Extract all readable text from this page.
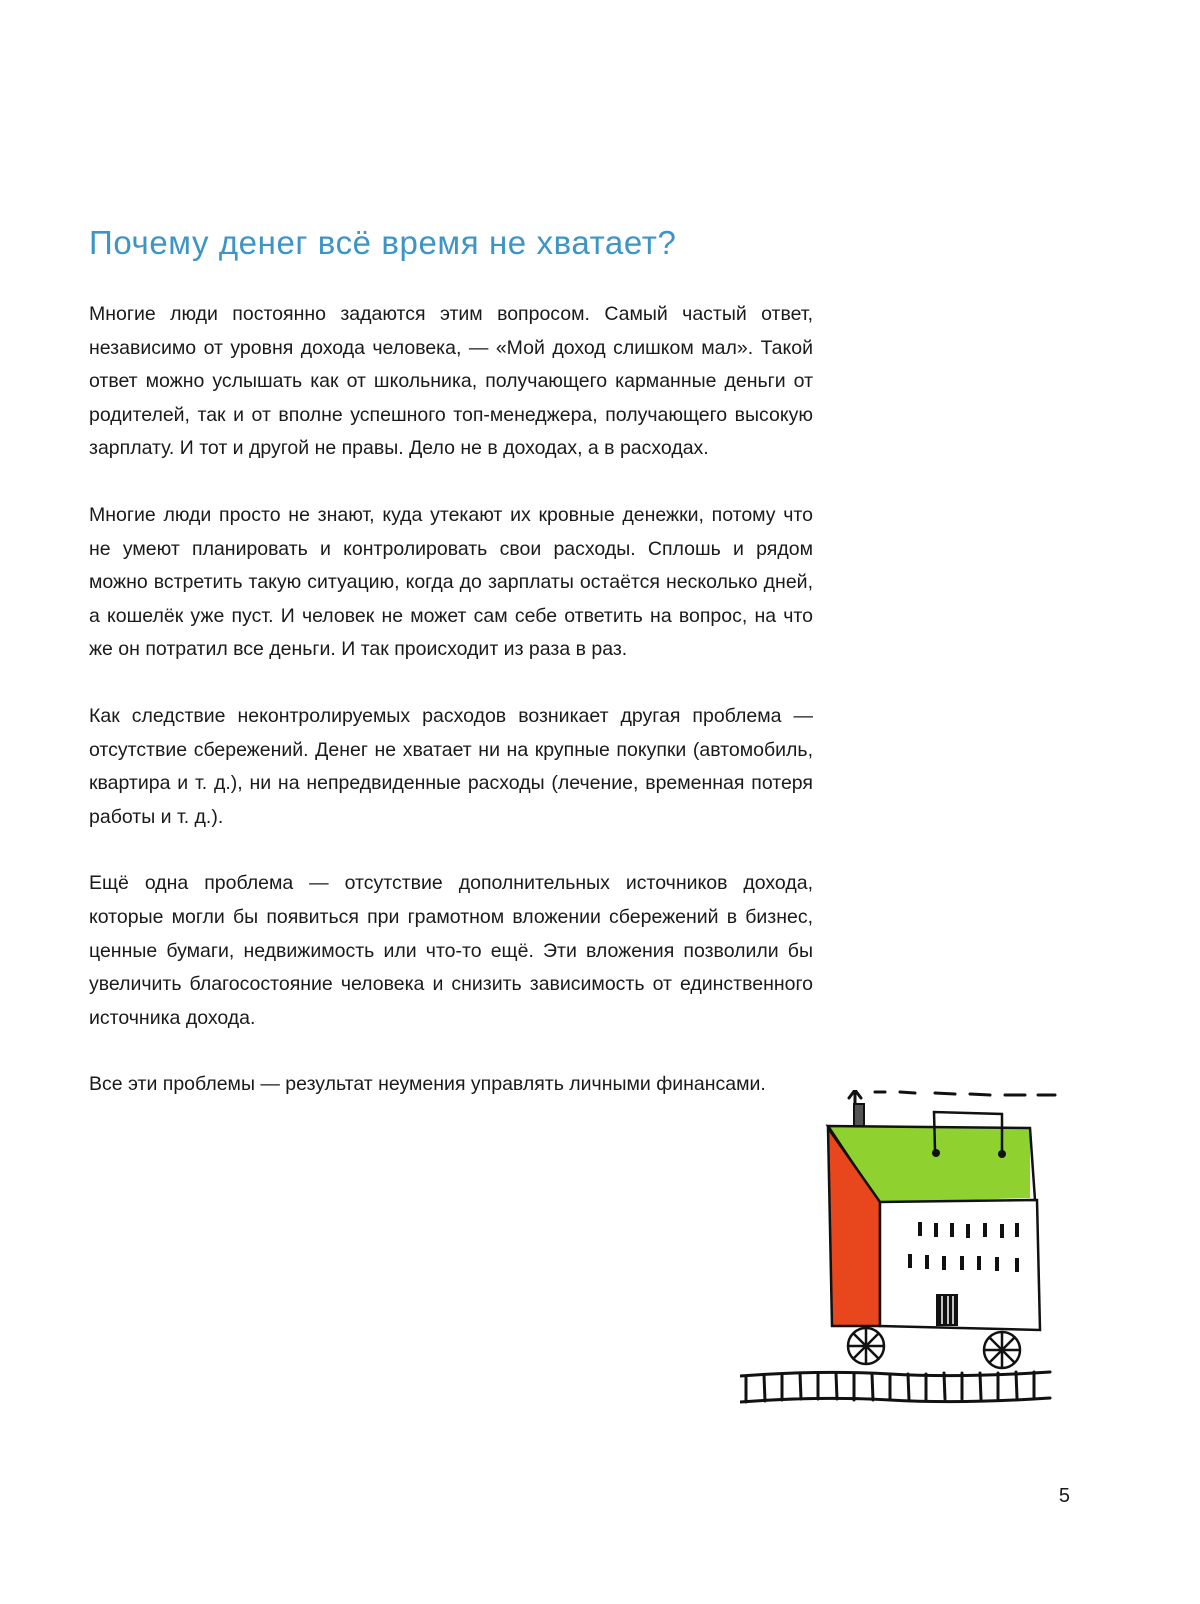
Почему денег всё время не хватает?

Многие люди постоянно задаются этим вопросом. Самый частый ответ, независимо от уровня дохода человека, — «Мой доход слишком мал». Такой ответ можно услышать как от школьника, получающего карманные деньги от родителей, так и от вполне успешного топ-менеджера, получающего высокую зарплату. И тот и другой не правы. Дело не в доходах, а в расходах.

Многие люди просто не знают, куда утекают их кровные денежки, потому что не умеют планировать и контролировать свои расходы. Сплошь и рядом можно встретить такую ситуацию, когда до зарплаты остаётся несколько дней, а кошелёк уже пуст. И человек не может сам себе ответить на вопрос, на что же он потратил все деньги. И так происходит из раза в раз.

Как следствие неконтролируемых расходов возникает другая проблема — отсутствие сбережений. Денег не хватает ни на крупные покупки (автомобиль, квартира и т. д.), ни на непредвиденные расходы (лечение, временная потеря работы и т. д.).

Ещё одна проблема — отсутствие дополнительных источников дохода, которые могли бы появиться при грамотном вложении сбережений в бизнес, ценные бумаги, недвижимость или что-то ещё. Эти вложения позволили бы увеличить благосостояние человека и снизить зависимость от единственного источника дохода.

Все эти проблемы — результат неумения управлять личными финансами.

5
